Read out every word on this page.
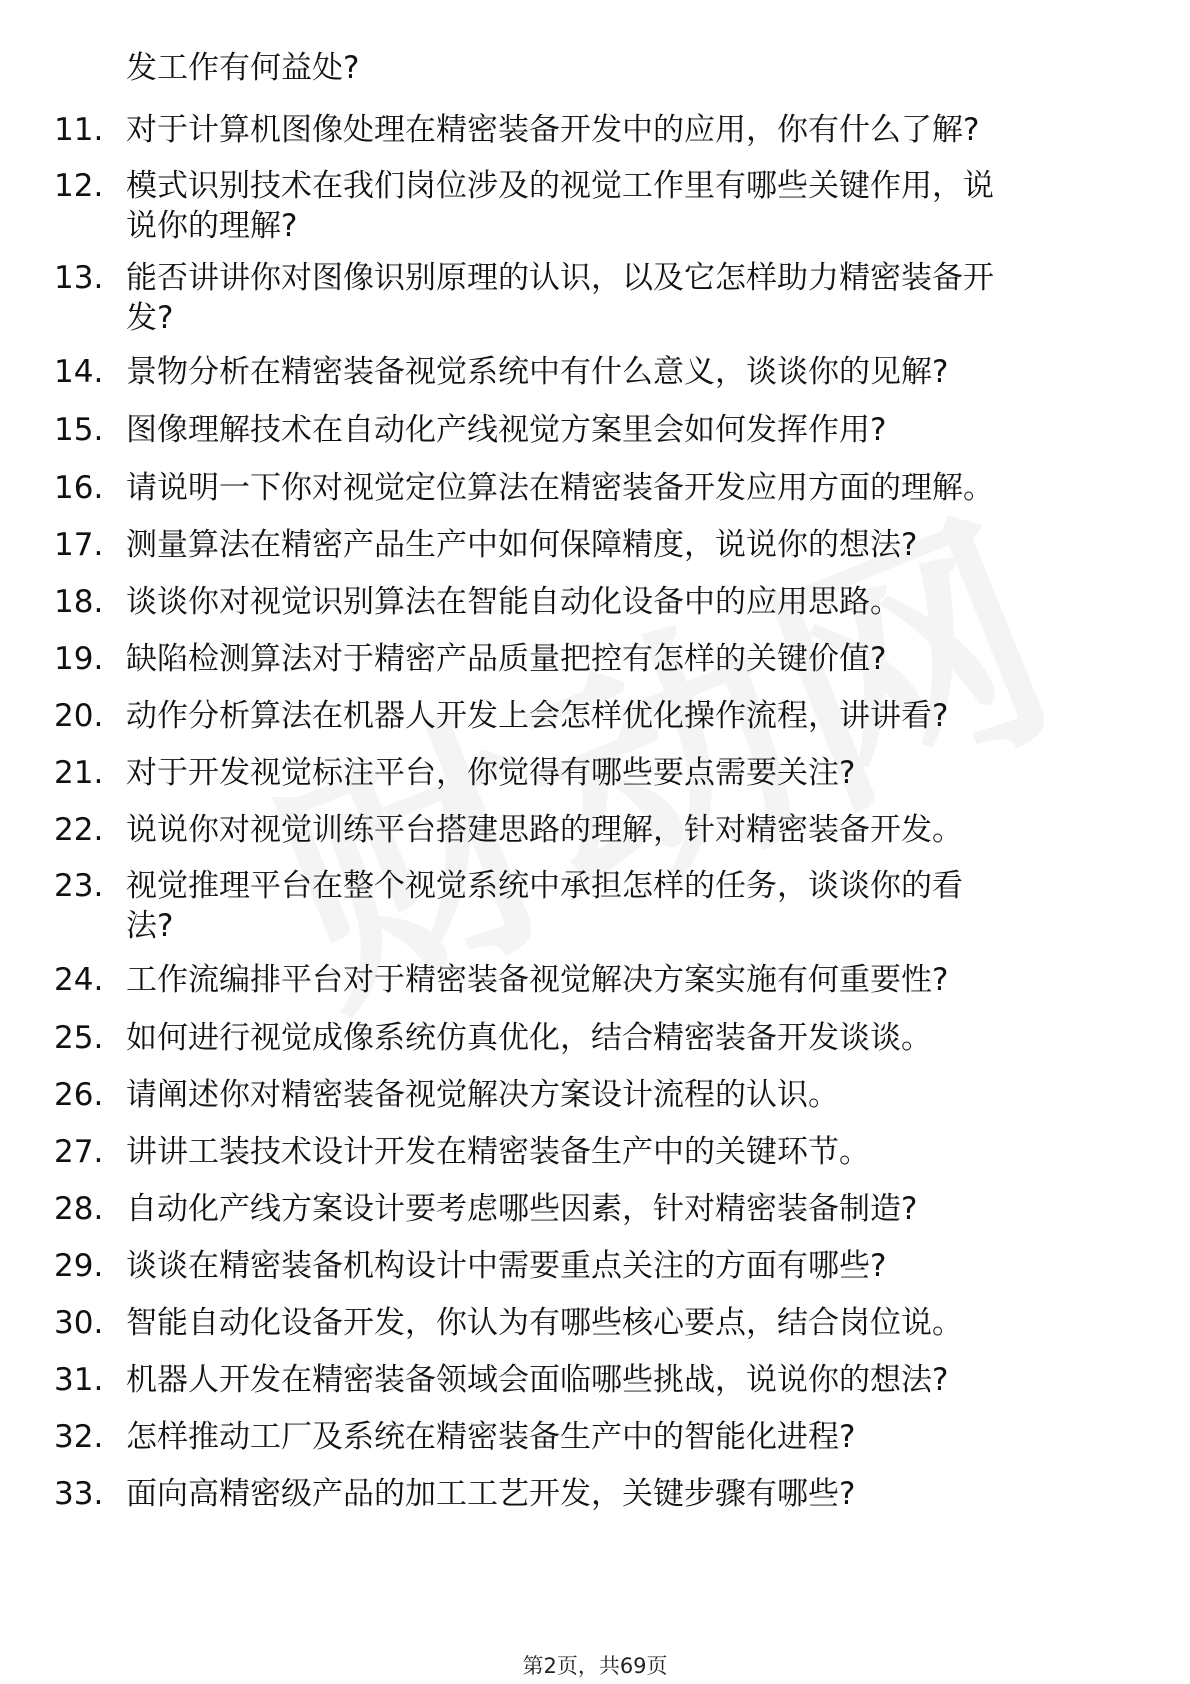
发工作有何益处?
11. 对于计算机图像处理在精密装备开发中的应用，你有什么了解?
12. 模式识别技术在我们岗位涉及的视觉工作里有哪些关键作用，说
说你的理解?
13. 能否讲讲你对图像识别原理的认识，以及它怎样助力精密装备开
发?
14. 景物分析在精密装备视觉系统中有什么意义，谈谈你的见解?
15. 图像理解技术在自动化产线视觉方案里会如何发挥作用?
16. 请说明一下你对视觉定位算法在精密装备开发应用方面的理解。
17. 测量算法在精密产品生产中如何保障精度，说说你的想法?
18. 谈谈你对视觉识别算法在智能自动化设备中的应用思路。
19. 缺陷检测算法对于精密产品质量把控有怎样的关键价值?
20. 动作分析算法在机器人开发上会怎样优化操作流程，讲讲看?
21. 对于开发视觉标注平台，你觉得有哪些要点需要关注?
22. 说说你对视觉训练平台搭建思路的理解，针对精密装备开发。
23. 视觉推理平台在整个视觉系统中承担怎样的任务，谈谈你的看
法?
24. 工作流编排平台对于精密装备视觉解决方案实施有何重要性?
25. 如何进行视觉成像系统仿真优化，结合精密装备开发谈谈。
26. 请阐述你对精密装备视觉解决方案设计流程的认识。
27. 讲讲工装技术设计开发在精密装备生产中的关键环节。
28. 自动化产线方案设计要考虑哪些因素，针对精密装备制造?
29. 谈谈在精密装备机构设计中需要重点关注的方面有哪些?
30. 智能自动化设备开发，你认为有哪些核心要点，结合岗位说。
31. 机器人开发在精密装备领域会面临哪些挑战，说说你的想法?
32. 怎样推动工厂及系统在精密装备生产中的智能化进程?
33. 面向高精密级产品的加工工艺开发，关键步骤有哪些?
第2页，共69页
